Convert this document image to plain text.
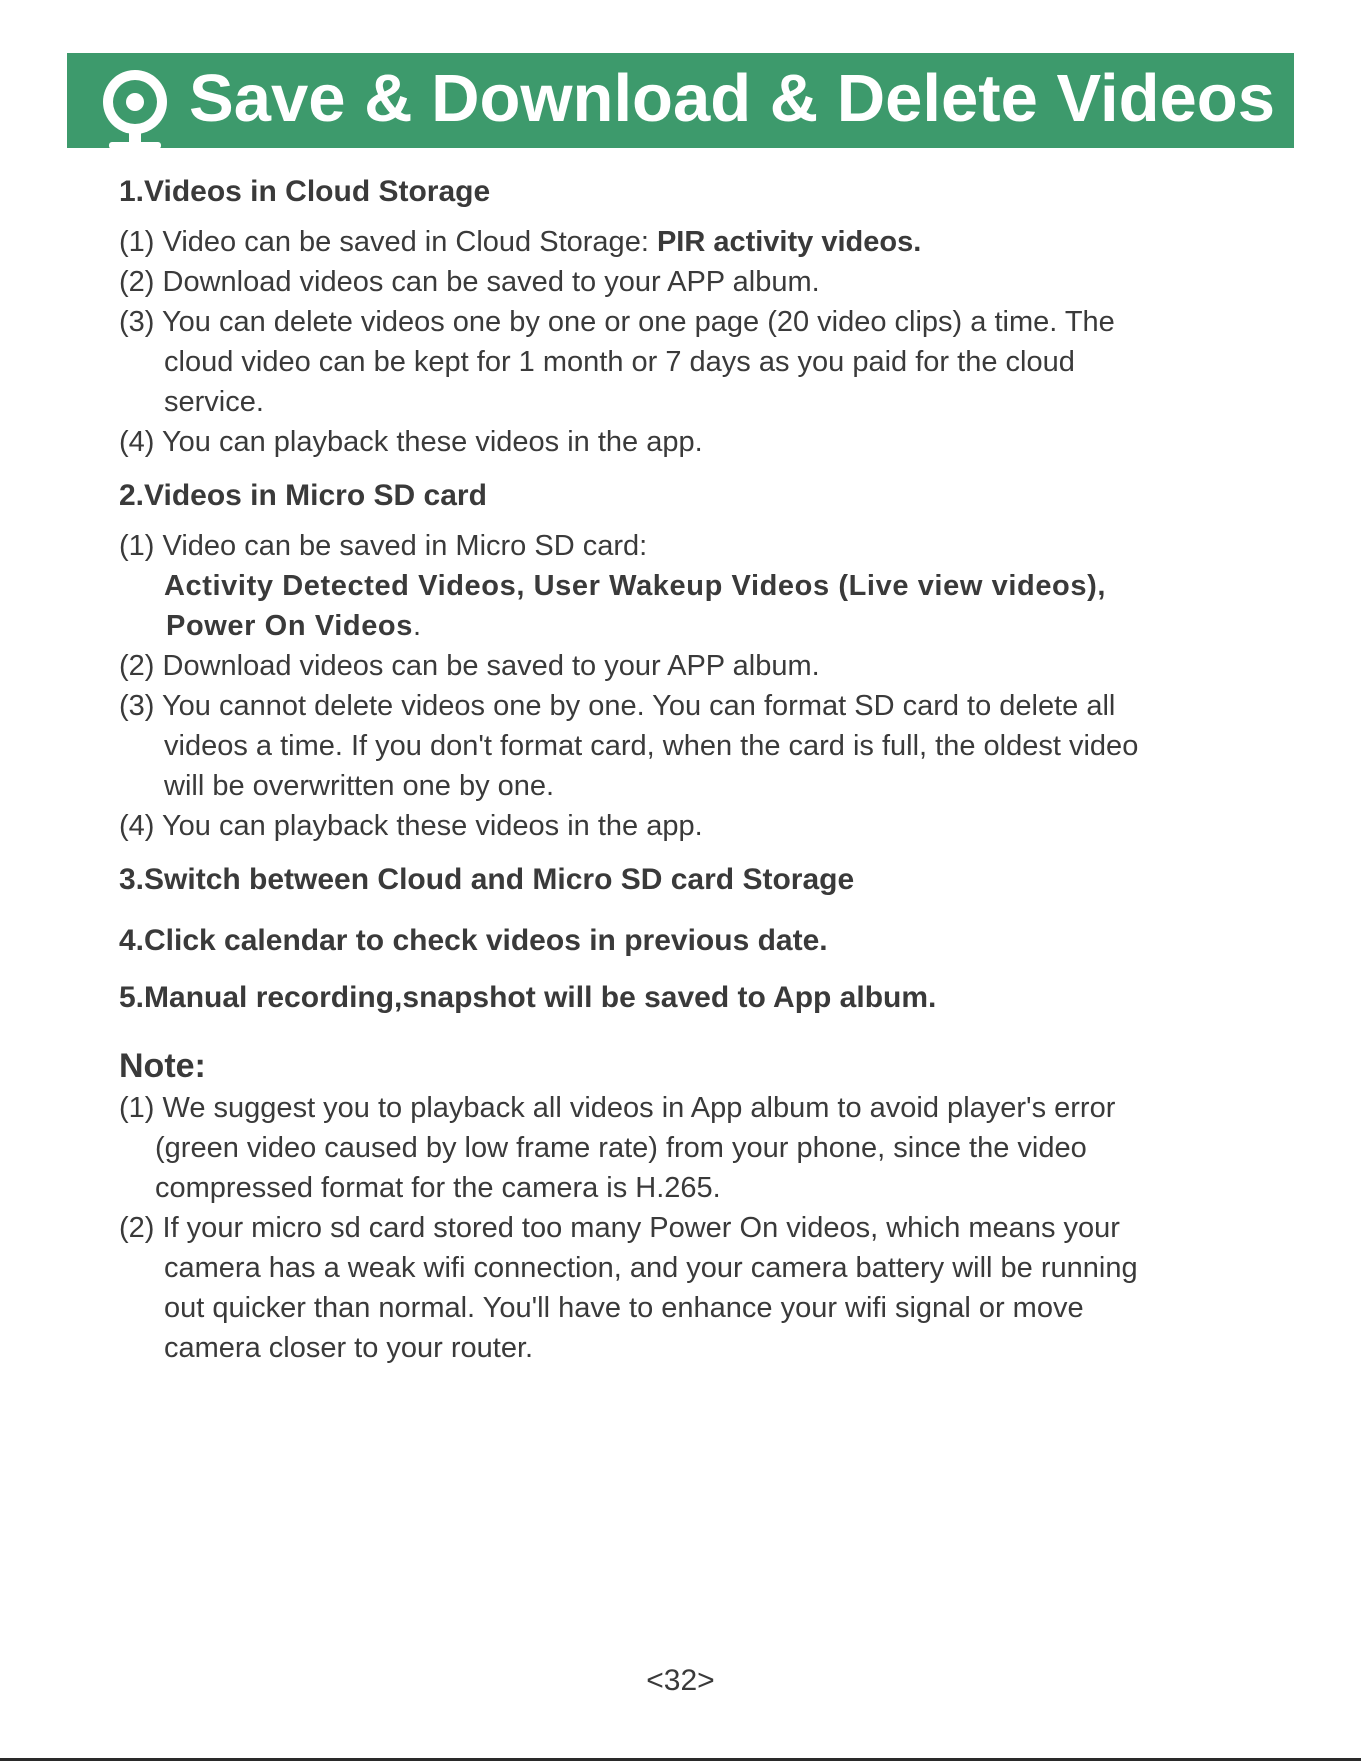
Save & Download & Delete Videos
1.Videos in Cloud Storage
(1) Video can be saved in Cloud Storage: PIR activity videos.
(2) Download videos can be saved to your APP album.
(3) You can delete videos one by one or one page (20 video clips) a time. The
cloud video can be kept for 1 month or 7 days as you paid for the cloud
service.
(4) You can playback these videos in the app.
2.Videos in Micro SD card
(1) Video can be saved in Micro SD card:
Activity Detected Videos, User Wakeup Videos (Live view videos),
Power On Videos.
(2) Download videos can be saved to your APP album.
(3) You cannot delete videos one by one. You can format SD card to delete all
videos a time. If you don't format card, when the card is full, the oldest video
will be overwritten one by one.
(4) You can playback these videos in the app.
3.Switch between Cloud and Micro SD card Storage
4.Click calendar to check videos in previous date.
5.Manual recording,snapshot will be saved to App album.
Note:
(1) We suggest you to playback all videos in App album to avoid player's error
(green video caused by low frame rate) from your phone, since the video
compressed format for the camera is H.265.
(2) If your micro sd card stored too many Power On videos, which means your
camera has a weak wifi connection, and your camera battery will be running
out quicker than normal. You'll have to enhance your wifi signal or move
camera closer to your router.
<32>
